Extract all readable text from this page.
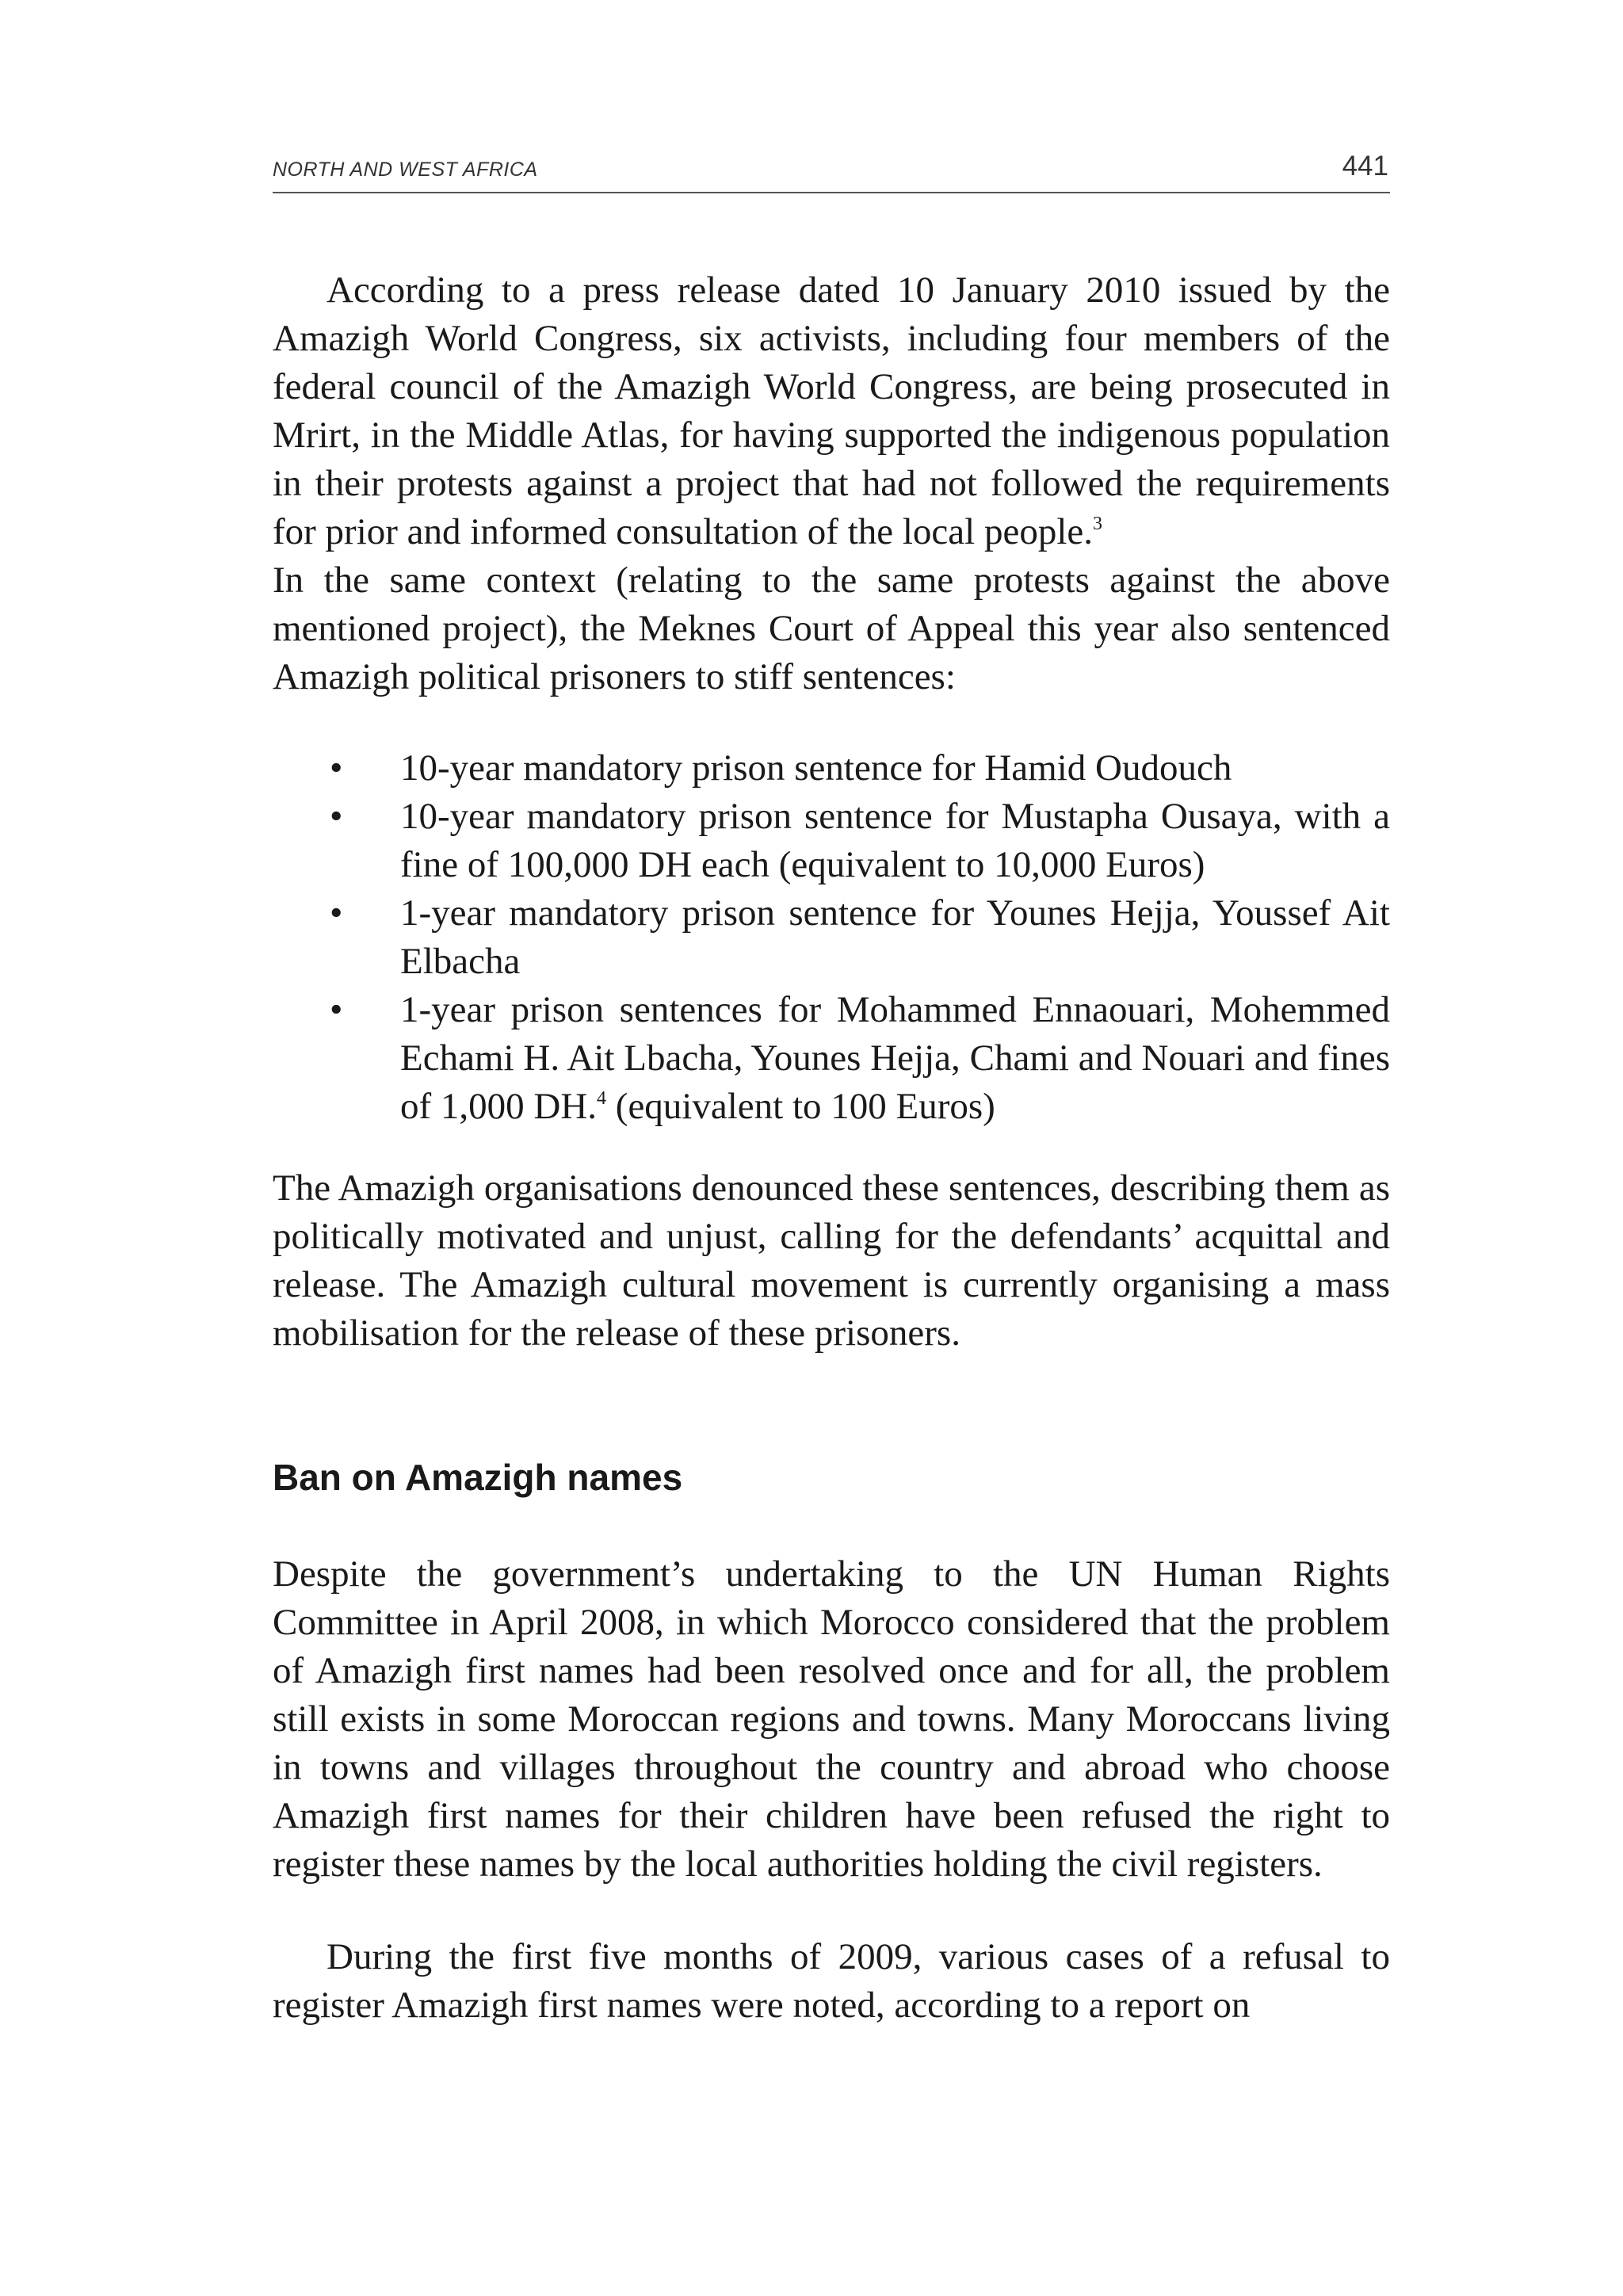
NORTH AND WEST AFRICA	441

According to a press release dated 10 January 2010 issued by the Amazigh World Congress, six activists, including four members of the federal council of the Amazigh World Congress, are being prosecuted in Mrirt, in the Middle Atlas, for having supported the indigenous population in their protests against a project that had not followed the requirements for prior and informed consultation of the local people.$^3$
In the same context (relating to the same protests against the above mentioned project), the Meknes Court of Appeal this year also sentenced Amazigh political prisoners to stiff sentences:

• 10-year mandatory prison sentence for Hamid Oudouch
• 10-year mandatory prison sentence for Mustapha Ousaya, with a fine of 100,000 DH each (equivalent to 10,000 Euros)
• 1-year mandatory prison sentence for Younes Hejja, Youssef Ait Elbacha
• 1-year prison sentences for Mohammed Ennaouari, Mohemmed Echami H. Ait Lbacha, Younes Hejja, Chami and Nouari and fines of 1,000 DH.$^4$ (equivalent to 100 Euros)

The Amazigh organisations denounced these sentences, describing them as politically motivated and unjust, calling for the defendants’ acquittal and release. The Amazigh cultural movement is currently organising a mass mobilisation for the release of these prisoners.

Ban on Amazigh names

Despite the government’s undertaking to the UN Human Rights Committee in April 2008, in which Morocco considered that the problem of Amazigh first names had been resolved once and for all, the problem still exists in some Moroccan regions and towns. Many Moroccans living in towns and villages throughout the country and abroad who choose Amazigh first names for their children have been refused the right to register these names by the local authorities holding the civil registers.

During the first five months of 2009, various cases of a refusal to register Amazigh first names were noted, according to a report on
